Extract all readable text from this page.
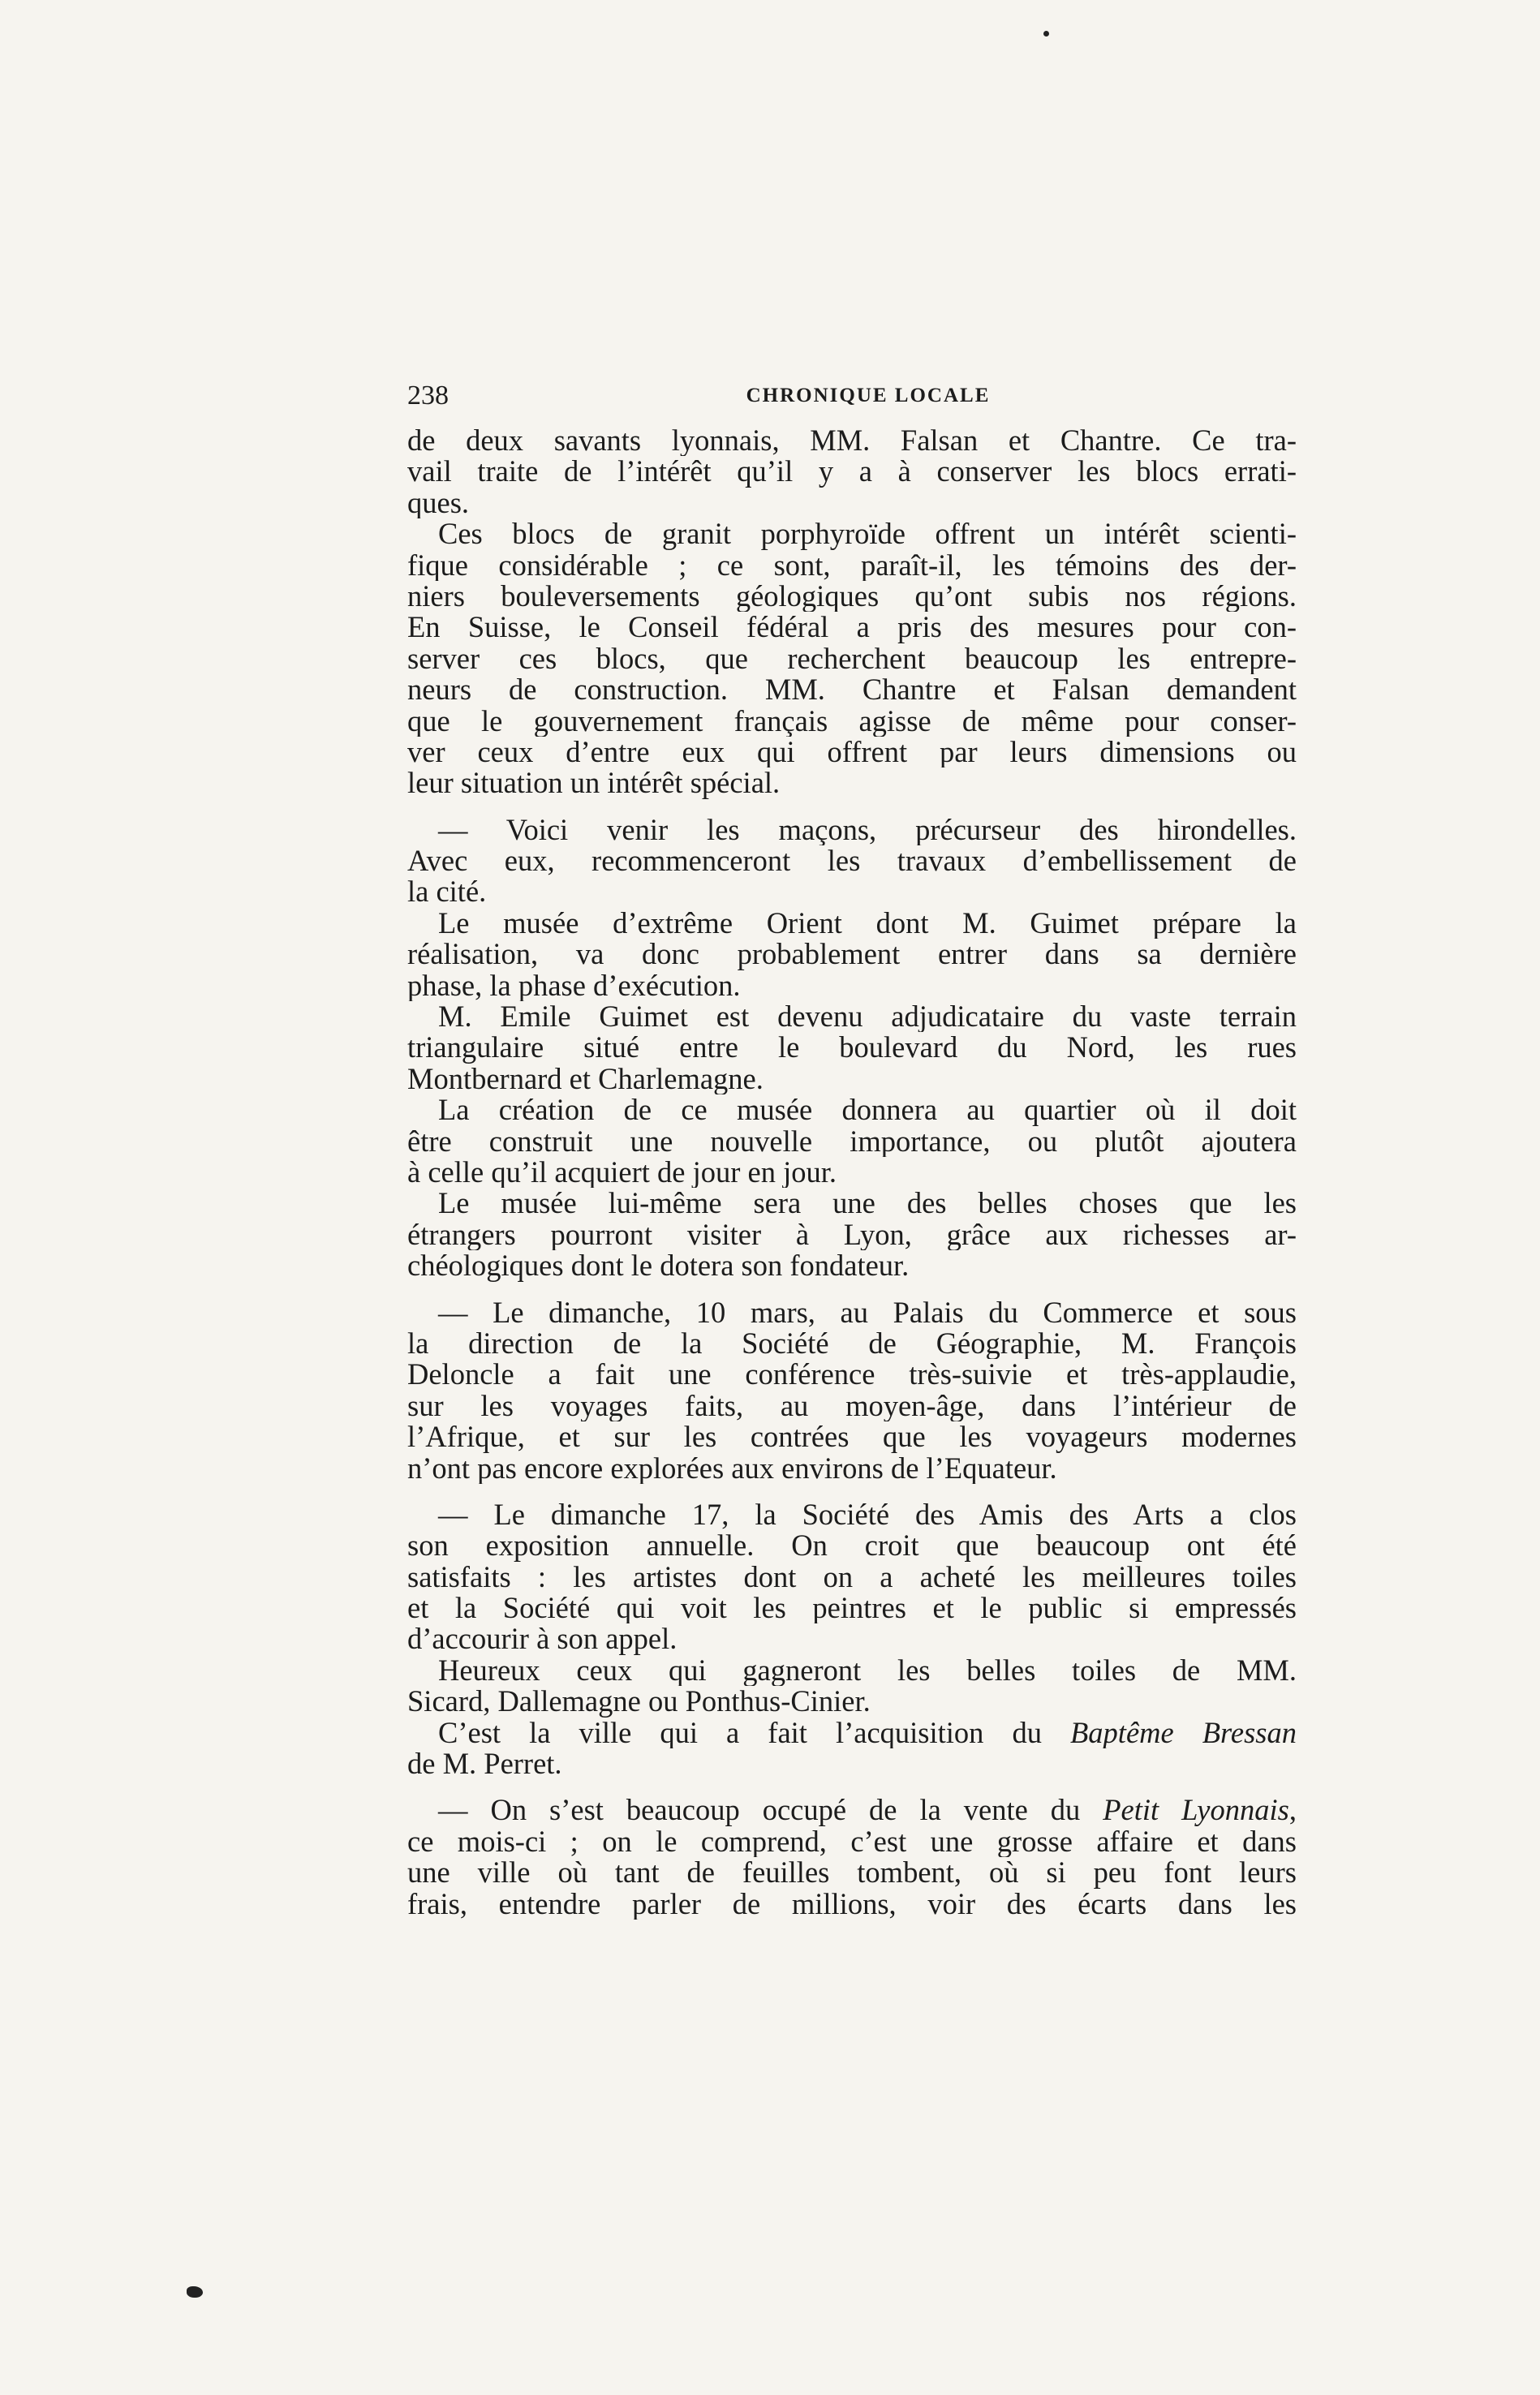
238	CHRONIQUE LOCALE
de deux savants lyonnais, MM. Falsan et Chantre. Ce tra-
vail traite de l’intérêt qu’il y a à conserver les blocs errati-
ques.
Ces blocs de granit porphyroïde offrent un intérêt scienti-
fique considérable ; ce sont, paraît-il, les témoins des der-
niers bouleversements géologiques qu’ont subis nos régions.
En Suisse, le Conseil fédéral a pris des mesures pour con-
server ces blocs, que recherchent beaucoup les entrepre-
neurs de construction. MM. Chantre et Falsan demandent
que le gouvernement français agisse de même pour conser-
ver ceux d’entre eux qui offrent par leurs dimensions ou
leur situation un intérêt spécial.
— Voici venir les maçons, précurseur des hirondelles.
Avec eux, recommenceront les travaux d’embellissement de
la cité.
Le musée d’extrême Orient dont M. Guimet prépare la
réalisation, va donc probablement entrer dans sa dernière
phase, la phase d’exécution.
M. Emile Guimet est devenu adjudicataire du vaste terrain
triangulaire situé entre le boulevard du Nord, les rues
Montbernard et Charlemagne.
La création de ce musée donnera au quartier où il doit
être construit une nouvelle importance, ou plutôt ajoutera
à celle qu’il acquiert de jour en jour.
Le musée lui-même sera une des belles choses que les
étrangers pourront visiter à Lyon, grâce aux richesses ar-
chéologiques dont le dotera son fondateur.
— Le dimanche, 10 mars, au Palais du Commerce et sous
la direction de la Société de Géographie, M. François
Deloncle a fait une conférence très-suivie et très-applaudie,
sur les voyages faits, au moyen-âge, dans l’intérieur de
l’Afrique, et sur les contrées que les voyageurs modernes
n’ont pas encore explorées aux environs de l’Equateur.
— Le dimanche 17, la Société des Amis des Arts a clos
son exposition annuelle. On croit que beaucoup ont été
satisfaits : les artistes dont on a acheté les meilleures toiles
et la Société qui voit les peintres et le public si empressés
d’accourir à son appel.
Heureux ceux qui gagneront les belles toiles de MM.
Sicard, Dallemagne ou Ponthus-Cinier.
C’est la ville qui a fait l’acquisition du Baptême Bressan
de M. Perret.
— On s’est beaucoup occupé de la vente du Petit Lyonnais,
ce mois-ci ; on le comprend, c’est une grosse affaire et dans
une ville où tant de feuilles tombent, où si peu font leurs
frais, entendre parler de millions, voir des écarts dans les
